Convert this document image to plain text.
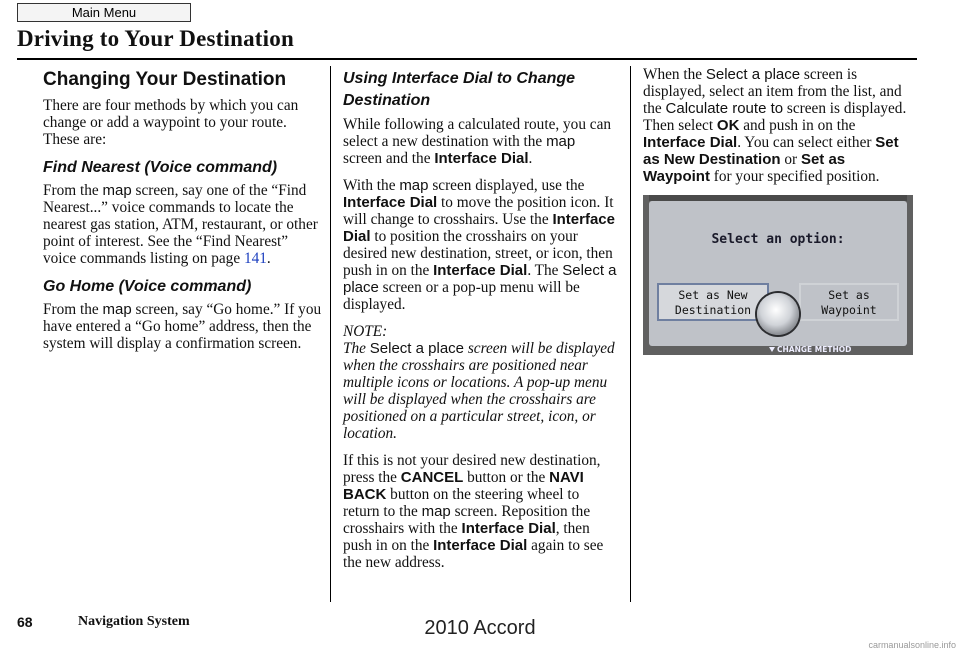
Main Menu
Driving to Your Destination
Changing Your Destination

There are four methods by which you can change or add a waypoint to your route. These are:

Find Nearest (Voice command)

From the map screen, say one of the “Find Nearest...” voice commands to locate the nearest gas station, ATM, restaurant, or other point of interest. See the “Find Nearest” voice commands listing on page 141.

Go Home (Voice command)

From the map screen, say “Go home.” If you have entered a “Go home” address, then the system will display a confirmation screen.

Using Interface Dial to Change Destination

While following a calculated route, you can select a new destination with the map screen and the Interface Dial.

With the map screen displayed, use the Interface Dial to move the position icon. It will change to crosshairs. Use the Interface Dial to position the crosshairs on your desired new destination, street, or icon, then push in on the Interface Dial. The Select a place screen or a pop-up menu will be displayed.

NOTE:
The Select a place screen will be displayed when the crosshairs are positioned near multiple icons or locations. A pop-up menu will be displayed when the crosshairs are positioned on a particular street, icon, or location.

If this is not your desired new destination, press the CANCEL button or the NAVI BACK button on the steering wheel to return to the map screen. Reposition the crosshairs with the Interface Dial, then push in on the Interface Dial again to see the new address.

When the Select a place screen is displayed, select an item from the list, and the Calculate route to screen is displayed. Then select OK and push in on the Interface Dial. You can select either Set as New Destination or Set as Waypoint for your specified position.

Select an option:
Set as New
Destination
Set as
Waypoint
CHANGE METHOD
68	Navigation System	2010 Accord
carmanualsonline.info
